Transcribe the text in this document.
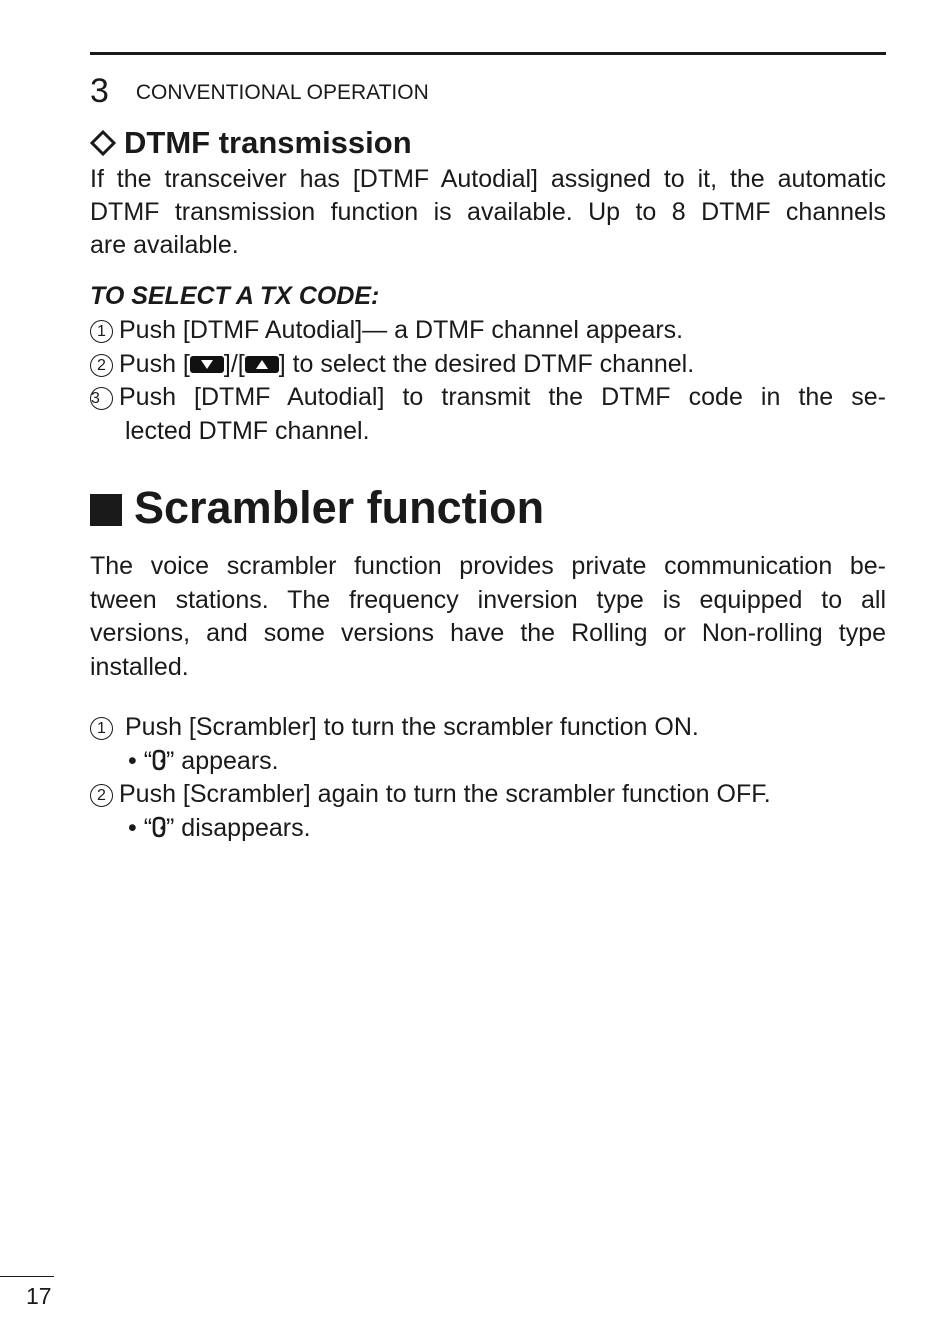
3 CONVENTIONAL OPERATION
DTMF transmission
If the transceiver has [DTMF Autodial] assigned to it, the automatic
DTMF transmission function is available. Up to 8 DTMF channels
are available.
TO SELECT A TX CODE:
1 Push [DTMF Autodial]— a DTMF channel appears.
2 Push [ ]/[ ] to select the desired DTMF channel.
3 Push [DTMF Autodial] to transmit the DTMF code in the se-
lected DTMF channel.
Scrambler function
The voice scrambler function provides private communication be-
tween stations. The frequency inversion type is equipped to all
versions, and some versions have the Rolling or Non-rolling type
installed.
1 Push [Scrambler] to turn the scrambler function ON.
• “ ” appears.
2 Push [Scrambler] again to turn the scrambler function OFF.
• “ ” disappears.
17
